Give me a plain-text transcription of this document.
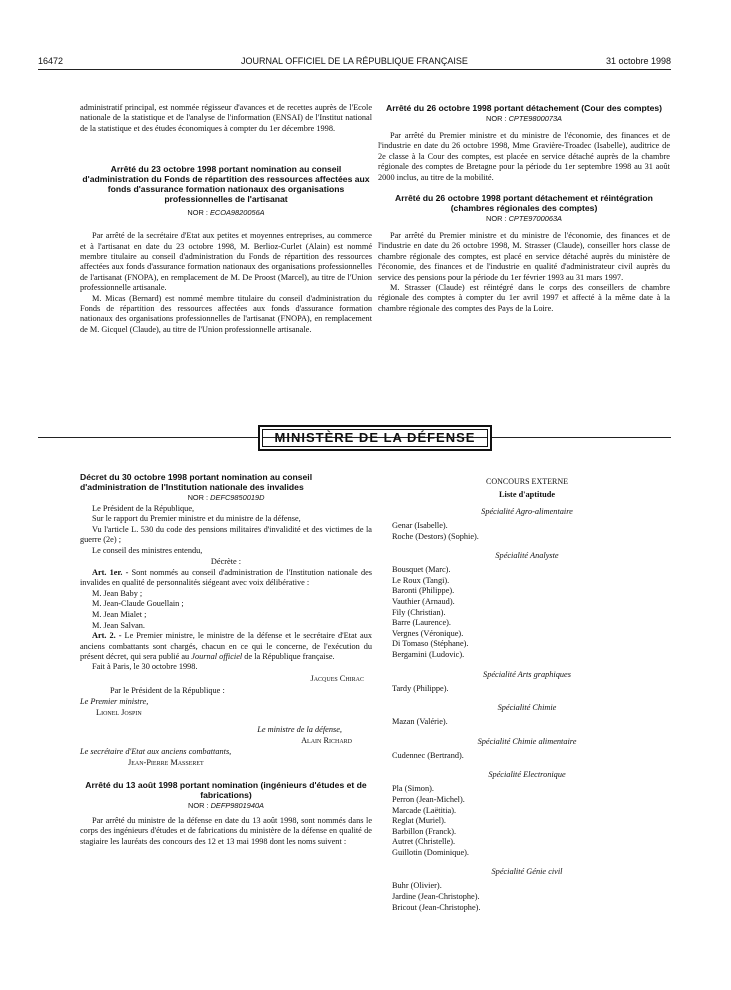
16472	JOURNAL OFFICIEL DE LA RÉPUBLIQUE FRANÇAISE	31 octobre 1998

administratif principal, est nommée régisseur d'avances et de recettes auprès de l'Ecole nationale de la statistique et de l'analyse de l'information (ENSAI) de l'Institut national de la statistique et des études économiques à compter du 1er décembre 1998.

Arrêté du 23 octobre 1998 portant nomination au conseil d'administration du Fonds de répartition des ressources affectées aux fonds d'assurance formation nationaux des organisations professionnelles de l'artisanat
NOR : ECOA9820056A

Par arrêté de la secrétaire d'Etat aux petites et moyennes entreprises, au commerce et à l'artisanat en date du 23 octobre 1998, M. Berlioz-Curlet (Alain) est nommé membre titulaire au conseil d'administration du Fonds de répartition des ressources affectées aux fonds d'assurance formation nationaux des organisations professionnelles de l'artisanat (FNOPA), en remplacement de M. De Proost (Marcel), au titre de l'Union professionnelle artisanale.

M. Micas (Bernard) est nommé membre titulaire du conseil d'administration du Fonds de répartition des ressources affectées aux fonds d'assurance formation nationaux des organisations professionnelles de l'artisanat (FNOPA), en remplacement de M. Gicquel (Claude), au titre de l'Union professionnelle artisanale.

Arrêté du 26 octobre 1998 portant détachement (Cour des comptes)
NOR : CPTE9800073A

Par arrêté du Premier ministre et du ministre de l'économie, des finances et de l'industrie en date du 26 octobre 1998, Mme Gravière-Troadec (Isabelle), auditrice de 2e classe à la Cour des comptes, est placée en service détaché auprès de la chambre régionale des comptes de Bretagne pour la période du 1er septembre 1998 au 31 août 2000 inclus, au titre de la mobilité.

Arrêté du 26 octobre 1998 portant détachement et réintégration (chambres régionales des comptes)
NOR : CPTE9700063A

Par arrêté du Premier ministre et du ministre de l'économie, des finances et de l'industrie en date du 26 octobre 1998, M. Strasser (Claude), conseiller hors classe de chambre régionale des comptes, est placé en service détaché auprès du ministère de l'économie, des finances et de l'industrie en qualité d'administrateur civil auprès du service des pensions pour la période du 1er février 1993 au 31 mars 1997.

M. Strasser (Claude) est réintégré dans le corps des conseillers de chambre régionale des comptes à compter du 1er avril 1997 et affecté à la même date à la chambre régionale des comptes des Pays de la Loire.

MINISTÈRE DE LA DÉFENSE
Décret du 30 octobre 1998 portant nomination au conseil d'administration de l'Institution nationale des invalides
NOR : DEFC9850019D

Le Président de la République,

Sur le rapport du Premier ministre et du ministre de la défense,

Vu l'article L. 530 du code des pensions militaires d'invalidité et des victimes de la guerre (2e) ;

Le conseil des ministres entendu,

Décrète :

Art. 1er. - Sont nommés au conseil d'administration de l'Institution nationale des invalides en qualité de personnalités siégeant avec voix délibérative :

M. Jean Baby ;
M. Jean-Claude Gouellain ;
M. Jean Mialet ;
M. Jean Salvan.

Art. 2. - Le Premier ministre, le ministre de la défense et le secrétaire d'Etat aux anciens combattants sont chargés, chacun en ce qui le concerne, de l'exécution du présent décret, qui sera publié au Journal officiel de la République française.

Fait à Paris, le 30 octobre 1998.

Jacques Chirac
Par le Président de la République :
Le Premier ministre,
Lionel Jospin
Le ministre de la défense,
Alain Richard
Le secrétaire d'Etat aux anciens combattants,
Jean-Pierre Masseret
Arrêté du 13 août 1998 portant nomination (ingénieurs d'études et de fabrications)
NOR : DEFP9801940A

Par arrêté du ministre de la défense en date du 13 août 1998, sont nommés dans le corps des ingénieurs d'études et de fabrications du ministère de la défense en qualité de stagiaire les lauréats des concours des 12 et 13 mai 1998 dont les noms suivent :

CONCOURS EXTERNE
Liste d'aptitude
Spécialité Agro-alimentaire
Genar (Isabelle).
Roche (Destors) (Sophie).
Spécialité Analyste
Bousquet (Marc).
Le Roux (Tangi).
Baronti (Philippe).
Vauthier (Arnaud).
Fily (Christian).
Barre (Laurence).
Vergnes (Véronique).
Di Tomaso (Stéphane).
Bergamini (Ludovic).
Spécialité Arts graphiques
Tardy (Philippe).
Spécialité Chimie
Mazan (Valérie).
Spécialité Chimie alimentaire
Cudennec (Bertrand).
Spécialité Electronique
Pla (Simon).
Perron (Jean-Michel).
Marcade (Laëtitia).
Reglat (Muriel).
Barbillon (Franck).
Autret (Christelle).
Guillotin (Dominique).
Spécialité Génie civil
Buhr (Olivier).
Jardine (Jean-Christophe).
Bricout (Jean-Christophe).
